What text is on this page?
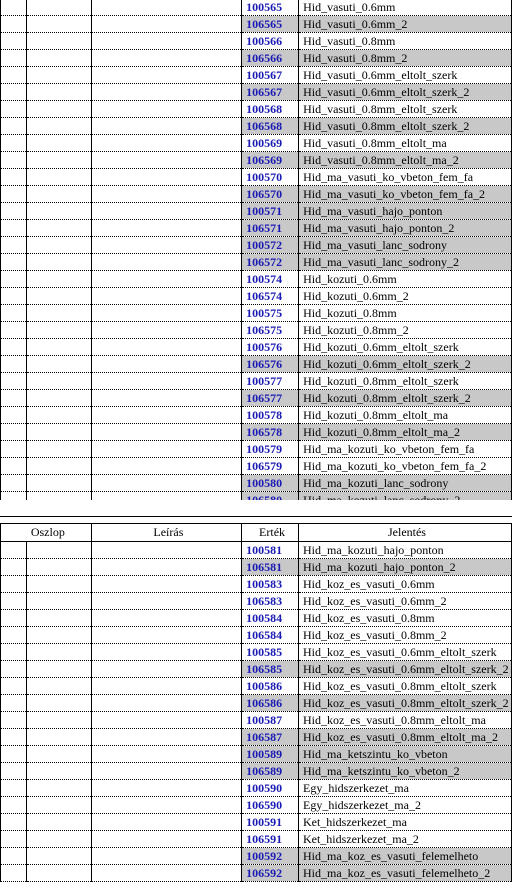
			100565	Hid_vasuti_0.6mm
			106565	Hid_vasuti_0.6mm_2
			100566	Hid_vasuti_0.8mm
			106566	Hid_vasuti_0.8mm_2
			100567	Hid_vasuti_0.6mm_eltolt_szerk
			106567	Hid_vasuti_0.6mm_eltolt_szerk_2
			100568	Hid_vasuti_0.8mm_eltolt_szerk
			106568	Hid_vasuti_0.8mm_eltolt_szerk_2
			100569	Hid_vasuti_0.8mm_eltolt_ma
			106569	Hid_vasuti_0.8mm_eltolt_ma_2
			100570	Hid_ma_vasuti_ko_vbeton_fem_fa
			106570	Hid_ma_vasuti_ko_vbeton_fem_fa_2
			100571	Hid_ma_vasuti_hajo_ponton
			106571	Hid_ma_vasuti_hajo_ponton_2
			100572	Hid_ma_vasuti_lanc_sodrony
			106572	Hid_ma_vasuti_lanc_sodrony_2
			100574	Hid_kozuti_0.6mm
			106574	Hid_kozuti_0.6mm_2
			100575	Hid_kozuti_0.8mm
			106575	Hid_kozuti_0.8mm_2
			100576	Hid_kozuti_0.6mm_eltolt_szerk
			106576	Hid_kozuti_0.6mm_eltolt_szerk_2
			100577	Hid_kozuti_0.8mm_eltolt_szerk
			106577	Hid_kozuti_0.8mm_eltolt_szerk_2
			100578	Hid_kozuti_0.8mm_eltolt_ma
			106578	Hid_kozuti_0.8mm_eltolt_ma_2
			100579	Hid_ma_kozuti_ko_vbeton_fem_fa
			106579	Hid_ma_kozuti_ko_vbeton_fem_fa_2
			100580	Hid_ma_kozuti_lanc_sodrony

Oszlop		Leírás	Erték	Jelentés
			100581	Hid_ma_kozuti_hajo_ponton
			106581	Hid_ma_kozuti_hajo_ponton_2
			100583	Hid_koz_es_vasuti_0.6mm
			106583	Hid_koz_es_vasuti_0.6mm_2
			100584	Hid_koz_es_vasuti_0.8mm
			106584	Hid_koz_es_vasuti_0.8mm_2
			100585	Hid_koz_es_vasuti_0.6mm_eltolt_szerk
			106585	Hid_koz_es_vasuti_0.6mm_eltolt_szerk_2
			100586	Hid_koz_es_vasuti_0.8mm_eltolt_szerk
			106586	Hid_koz_es_vasuti_0.8mm_eltolt_szerk_2
			100587	Hid_koz_es_vasuti_0.8mm_eltolt_ma
			106587	Hid_koz_es_vasuti_0.8mm_eltolt_ma_2
			100589	Hid_ma_ketszintu_ko_vbeton
			106589	Hid_ma_ketszintu_ko_vbeton_2
			100590	Egy_hidszerkezet_ma
			106590	Egy_hidszerkezet_ma_2
			100591	Ket_hidszerkezet_ma
			106591	Ket_hidszerkezet_ma_2
			100592	Hid_ma_koz_es_vasuti_felemelheto
			106592	Hid_ma_koz_es_vasuti_felemelheto_2
